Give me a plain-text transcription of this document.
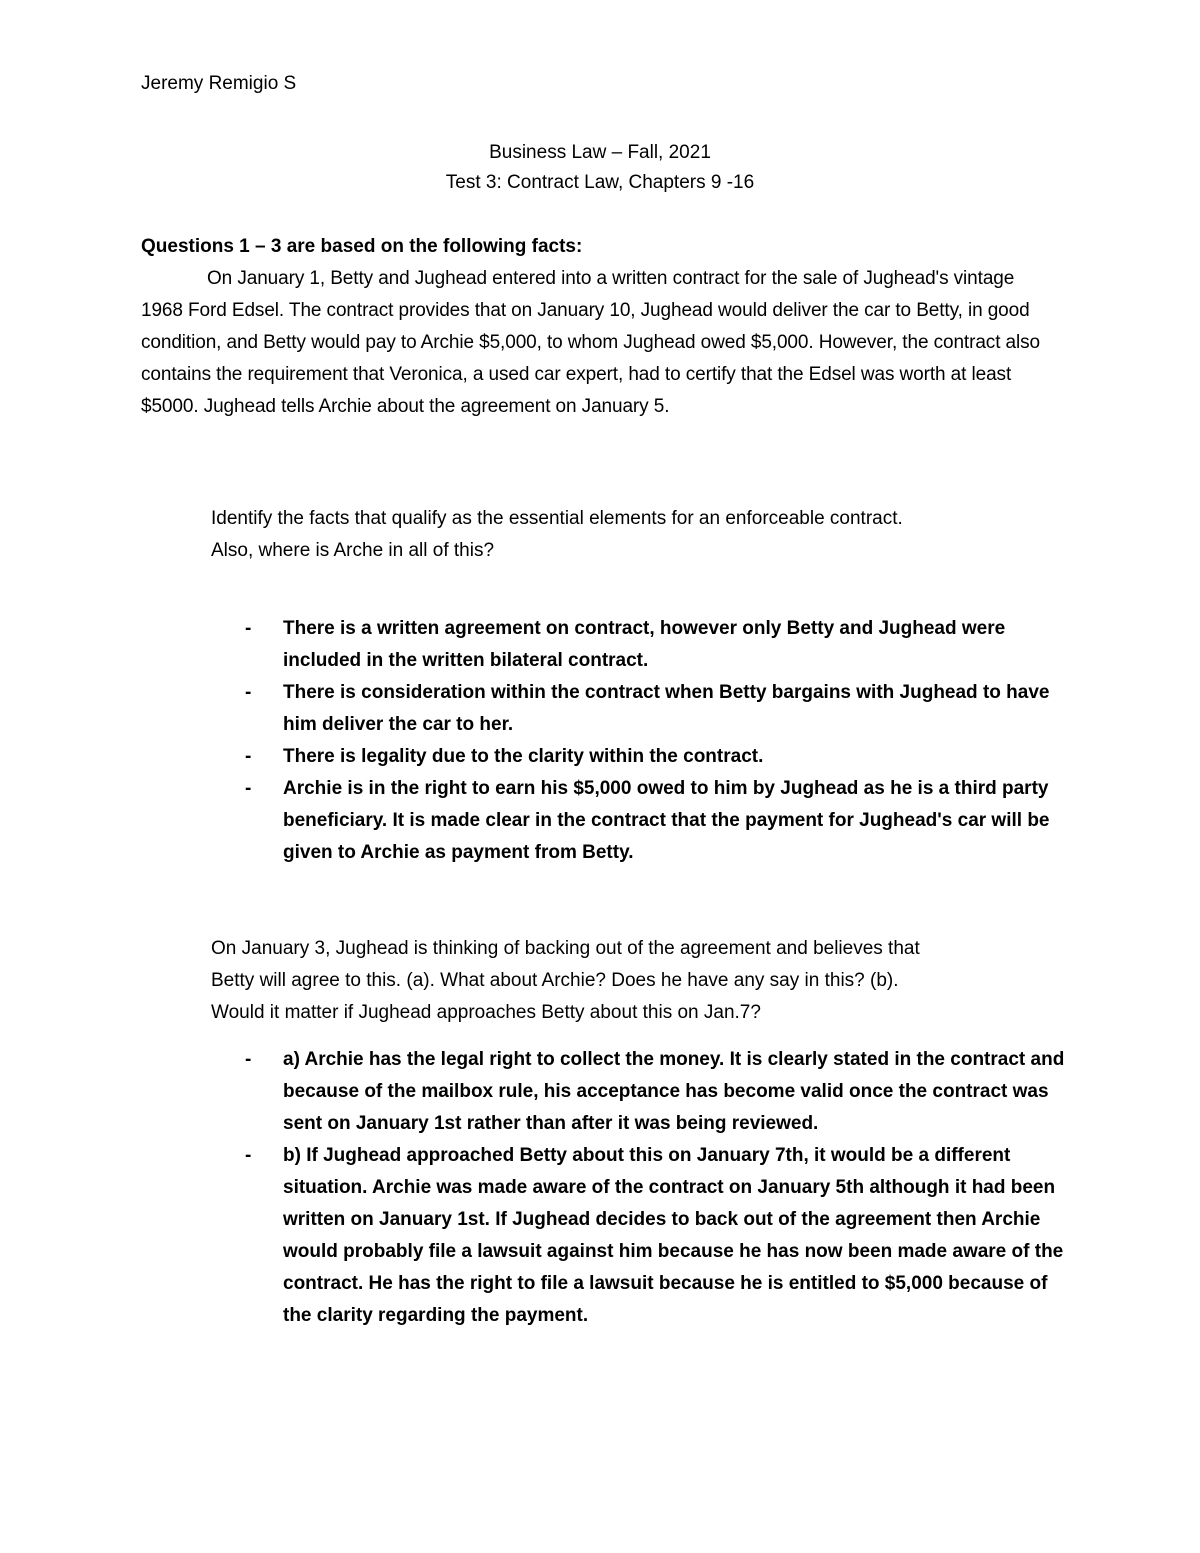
Jeremy Remigio S
Business Law – Fall, 2021
Test 3: Contract Law, Chapters 9 -16
Questions 1 – 3 are based on the following facts:
On January 1, Betty and Jughead entered into a written contract for the sale of Jughead's vintage 1968 Ford Edsel. The contract provides that on January 10, Jughead would deliver the car to Betty, in good condition, and Betty would pay to Archie $5,000, to whom Jughead owed $5,000. However, the contract also contains the requirement that Veronica, a used car expert, had to certify that the Edsel was worth at least $5000. Jughead tells Archie about the agreement on January 5.
Identify the facts that qualify as the essential elements for an enforceable contract.
Also, where is Arche in all of this?
- There is a written agreement on contract, however only Betty and Jughead were included in the written bilateral contract.
- There is consideration within the contract when Betty bargains with Jughead to have him deliver the car to her.
- There is legality due to the clarity within the contract.
- Archie is in the right to earn his $5,000 owed to him by Jughead as he is a third party beneficiary. It is made clear in the contract that the payment for Jughead's car will be given to Archie as payment from Betty.
On January 3, Jughead is thinking of backing out of the agreement and believes that
Betty will agree to this. (a). What about Archie? Does he have any say in this? (b).
Would it matter if Jughead approaches Betty about this on Jan.7?
- a) Archie has the legal right to collect the money. It is clearly stated in the contract and because of the mailbox rule, his acceptance has become valid once the contract was sent on January 1st rather than after it was being reviewed.
- b) If Jughead approached Betty about this on January 7th, it would be a different situation. Archie was made aware of the contract on January 5th although it had been written on January 1st. If Jughead decides to back out of the agreement then Archie would probably file a lawsuit against him because he has now been made aware of the contract. He has the right to file a lawsuit because he is entitled to $5,000 because of the clarity regarding the payment.
